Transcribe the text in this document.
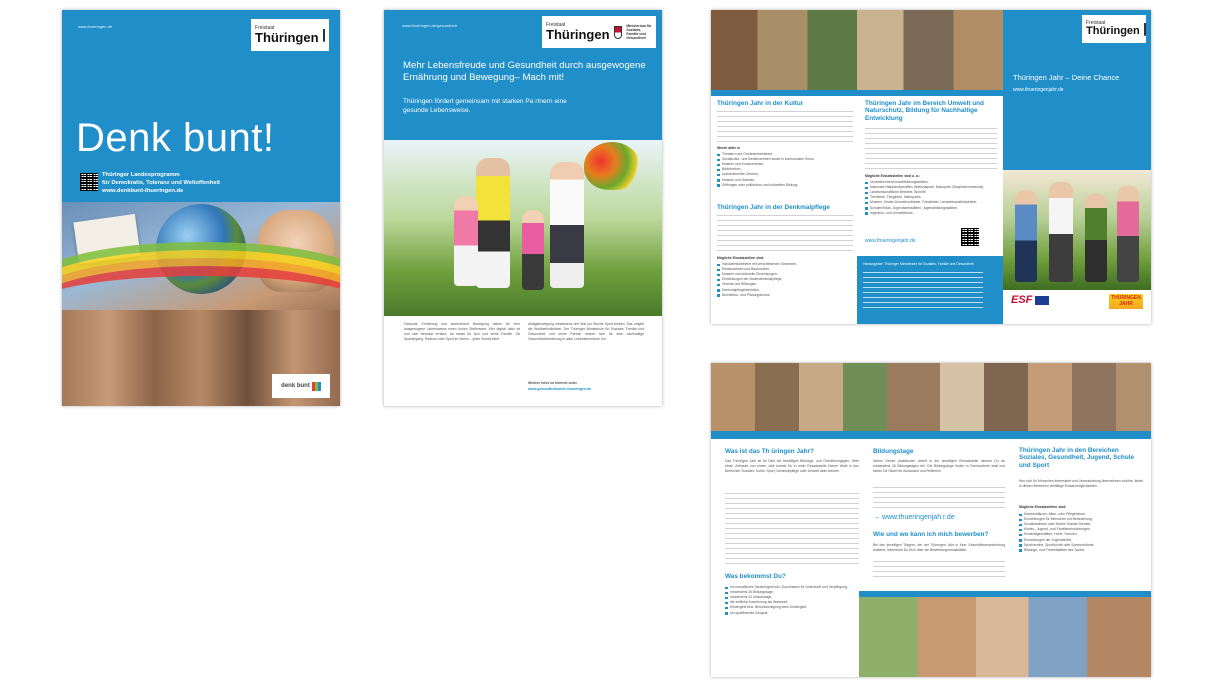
www.thueringen.de	Freistaat
Thüringen
Denk bunt!
Thüringer Landesprogramm
für Demokratie, Toleranz und Weltoffenheit
www.denkbunt-thueringen.de
denk bunt
www.thueringen.de/gesundheit	Freistaat
Thüringen
Ministerium für Soziales, Familie und Gesundheit
Mehr Lebensfreude und Gesundheit durch ausgewogene Ernährung und Bewegung– Mach mit!
Thüringen fördert gemeinsam mit starken Pa rtnern eine gesunde Lebensweise.
Gesunde Ernährung und ausreichend Bewegung haben für eine ausgewogene Lebensweise einen hohen Stellenwert. Wer täglich aktiv ist und sich bewusst ernährt, tut etwas für sich und seine Familie. Ob Spaziergang, Radtour oder Sport im Verein – jeder Schritt zählt.
Alltagsbewegung mindestens drei Mal pro Woche Sport treiben. Das umgibt die Wohlbefindlichkeit. Der Thüringer Ministerium für Soziales, Familie und Gesundheit und seine Partner setzen sich für eine nachhaltige Gesundheitsförderung in allen Lebensbereichen ein.
Weitere Infos im Internet unter
www.gesundheitsziele-thueringen.de
Freistaat
Thüringen
Thüringen Jahr – Deine Chance
www.thueringenjahr.de
ESF	THÜRINGEN JAHR
Thüringen Jahr in der Kultur
Werde aktiv in
Theatern und Orchesterbetrieben,
Sozialkultur- und Medienzentren sowie in kommunalen Kinos,
Museen und Kunstvereinen,
Bibliotheken,
soziokulturellen Zentren,
Museen und Galerien,
Stiftungen oder politischen und kulturellen Bildung.
Thüringen Jahr in der Denkmalpflege
Mögliche Einsatzstellen sind:
Handwerksbetriebe mit verschiedenen Gewerken,
Restauratoren und Bauforscher,
Museen und kulturelle Einrichtungen,
Einrichtungen der Bodendenkmalpflege,
Vereine und Stiftungen,
Denkmalpflegebehörden,
Architektur- und Planungsbüros.
Thüringen Jahr im Bereich Umwelt und Naturschutz, Bildung für Nachhaltige Entwicklung
Mögliche Einsatzstellen sind u. a.:
Umweltzentren/Umweltbildungsstätten,
Nationale Naturlandschaften (Nationalpark, Naturpark, Biosphärenreservat),
Landwirtschaftliche Betriebe, Biohöfe,
Tierheime, Tiergärten, Naturparks,
Museen, Kinder-Umweltverbände, Forstämter, Landwirtschaftsbetriebe,
Schulen/Kitas, Jugendwerkstätten, Jugendbildungsstätten,
Ingenieur- und Umweltbüros.
www.thueringenjahr.de
Herausgeber: Thüringer Ministerium für Soziales, Familie und Gesundheit
Was ist das Th üringen Jahr?
Das Thüringen Jahr ist für Dich ein freiwilliges Bildungs- und Orientierungsjahr. Über einen Zeitraum von einem Jahr kannst Du in einer Einsatzstelle Deiner Wahl in den Bereichen Soziales, Kultur, Sport, Denkmalpflege oder Umwelt aktiv werden.
Was bekommst Du?
ein monatliches Taschengeld inkl. Zuschüssen für Unterkunft und Verpflegung,
mindestens 26 Bildungstage,
mindestens 24 Urlaubstage,
die zeitliche Anrechnung als Wartezeit,
Kindergeld bzw. Berücksichtigung beim Kindergeld,
ein qualifiziertes Zeugnis.
Bildungstage
Neben Deiner praktischen Arbeit in der jeweiligen Einsatzstelle nimmst Du an mindestens 26 Bildungstagen teil. Die Bildungstage finden in Seminarform statt und bieten Dir Raum für Austausch und Reflexion.
→ www.thueringenjah r.de
Wie und wo kann ich mich bewerben?
Bei den jeweiligen Trägern, der der Thüringen Jahr in Ihrer Geschäftsverantwortung anbietet, informierst Du Dich über die Bewerbungsmodalitäten.
Thüringen Jahr in den Bereichen Soziales, Gesundheit, Jugend, Schule und Sport
Wer sich für Menschen interessiert und Verantwortung übernehmen möchte, findet in diesen Bereichen vielfältige Einsatzmöglichkeiten.
Mögliche Einsatzstellen sind:
Krankenhäuser, Alten- oder Pflegeheime,
Einrichtungen für Menschen mit Behinderung,
Sozialstationen oder Mobile Soziale Dienste,
Kinder-, Jugend- und Familieneinrichtungen,
Kindertagesstätten, Horte, Schulen,
Einrichtungen der Jugendarbeit,
Sportvereine, Sportbünde oder Sportverbände,
Bildungs- und Freizeitstätten des Sports.
